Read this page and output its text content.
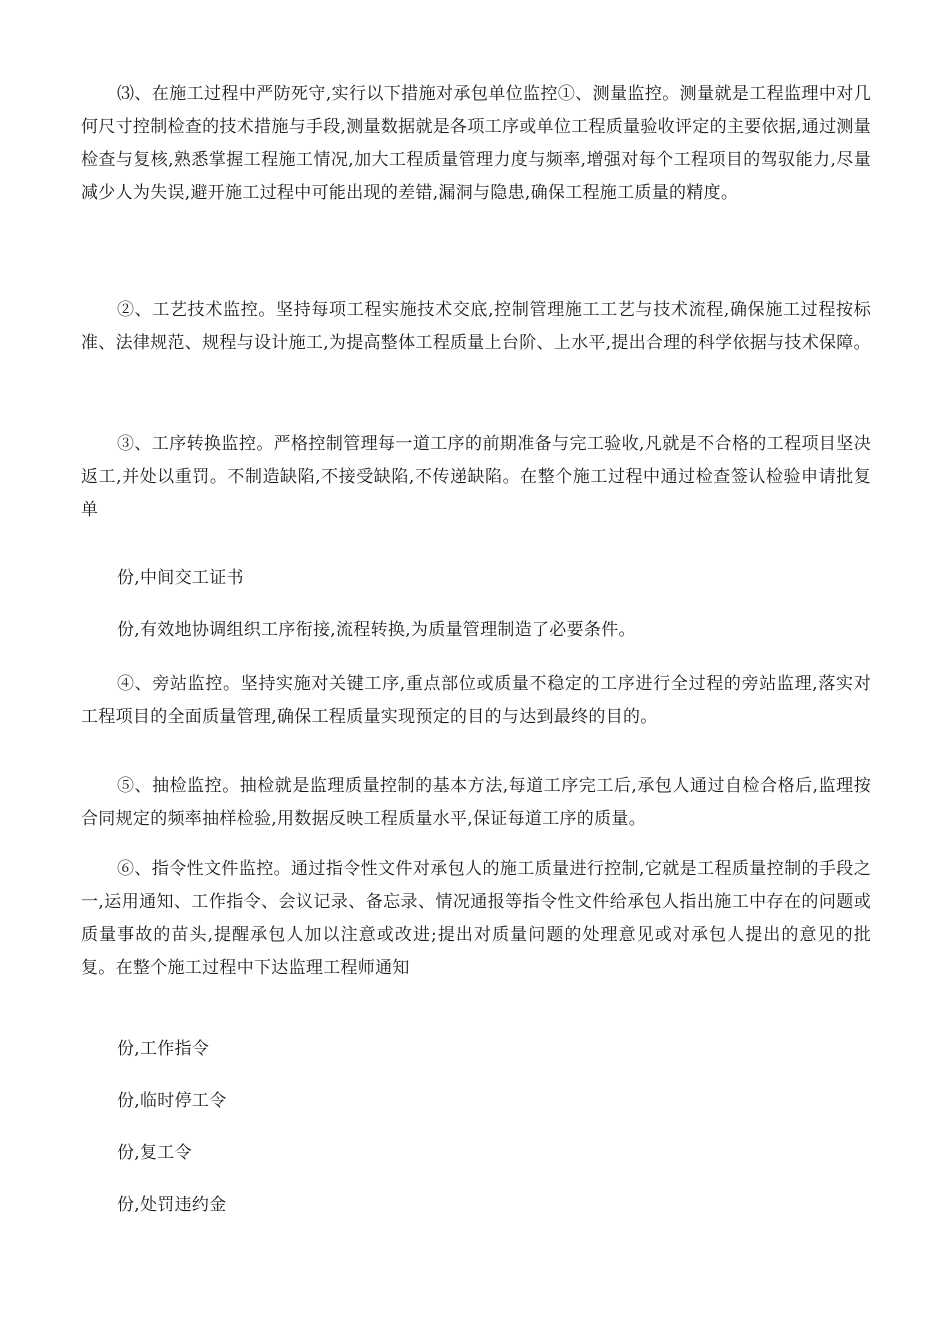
⑶、在施工过程中严防死守,实行以下措施对承包单位监控①、测量监控。测量就是工程监理中对几何尺寸控制检查的技术措施与手段,测量数据就是各项工序或单位工程质量验收评定的主要依据,通过测量检查与复核,熟悉掌握工程施工情况,加大工程质量管理力度与频率,增强对每个工程项目的驾驭能力,尽量减少人为失误,避开施工过程中可能出现的差错,漏洞与隐患,确保工程施工质量的精度。

②、工艺技术监控。坚持每项工程实施技术交底,控制管理施工工艺与技术流程,确保施工过程按标准、法律规范、规程与设计施工,为提高整体工程质量上台阶、上水平,提出合理的科学依据与技术保障。

③、工序转换监控。严格控制管理每一道工序的前期准备与完工验收,凡就是不合格的工程项目坚决返工,并处以重罚。不制造缺陷,不接受缺陷,不传递缺陷。在整个施工过程中通过检查签认检验申请批复单

份,中间交工证书

份,有效地协调组织工序衔接,流程转换,为质量管理制造了必要条件。

④、旁站监控。坚持实施对关键工序,重点部位或质量不稳定的工序进行全过程的旁站监理,落实对工程项目的全面质量管理,确保工程质量实现预定的目的与达到最终的目的。

⑤、抽检监控。抽检就是监理质量控制的基本方法,每道工序完工后,承包人通过自检合格后,监理按合同规定的频率抽样检验,用数据反映工程质量水平,保证每道工序的质量。

⑥、指令性文件监控。通过指令性文件对承包人的施工质量进行控制,它就是工程质量控制的手段之一,运用通知、工作指令、会议记录、备忘录、情况通报等指令性文件给承包人指出施工中存在的问题或质量事故的苗头,提醒承包人加以注意或改进;提出对质量问题的处理意见或对承包人提出的意见的批复。在整个施工过程中下达监理工程师通知

份,工作指令

份,临时停工令

份,复工令

份,处罚违约金
